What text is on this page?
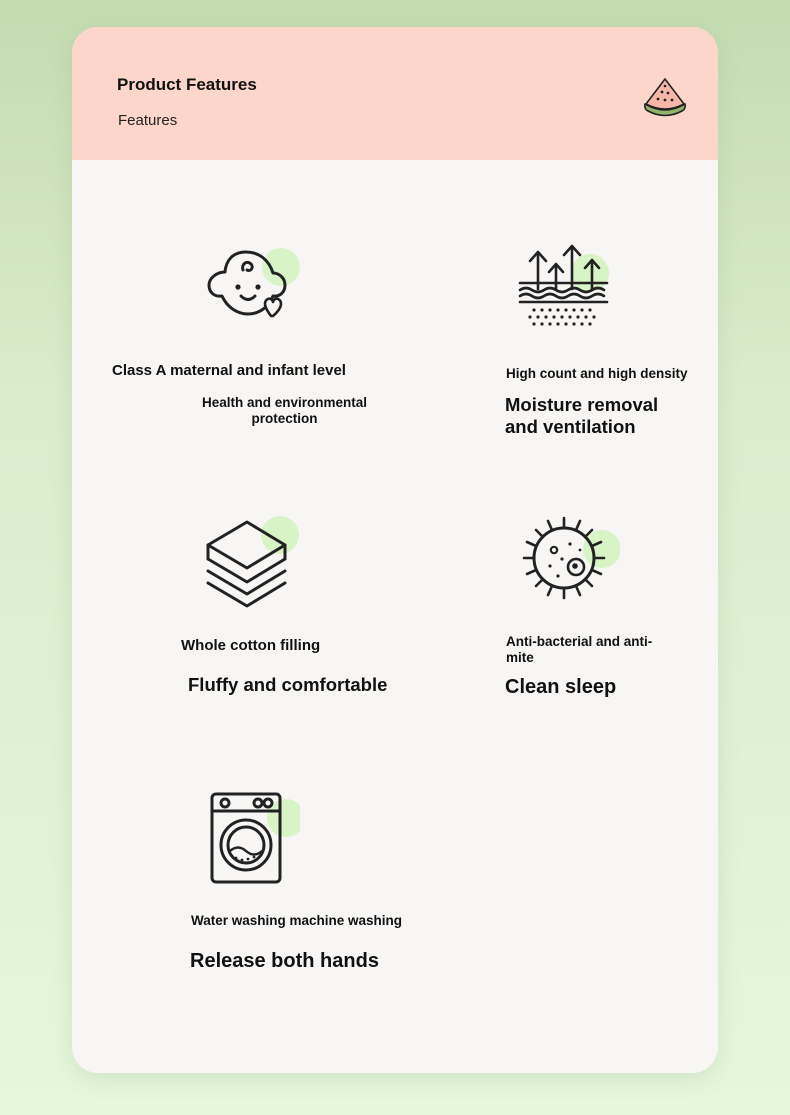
Product Features
Features
Class A maternal and infant level
Health and environmental protection
High count and high density
Moisture removal and ventilation
Whole cotton filling
Fluffy and comfortable
Anti-bacterial and anti-mite
Clean sleep
Water washing machine washing
Release both hands
